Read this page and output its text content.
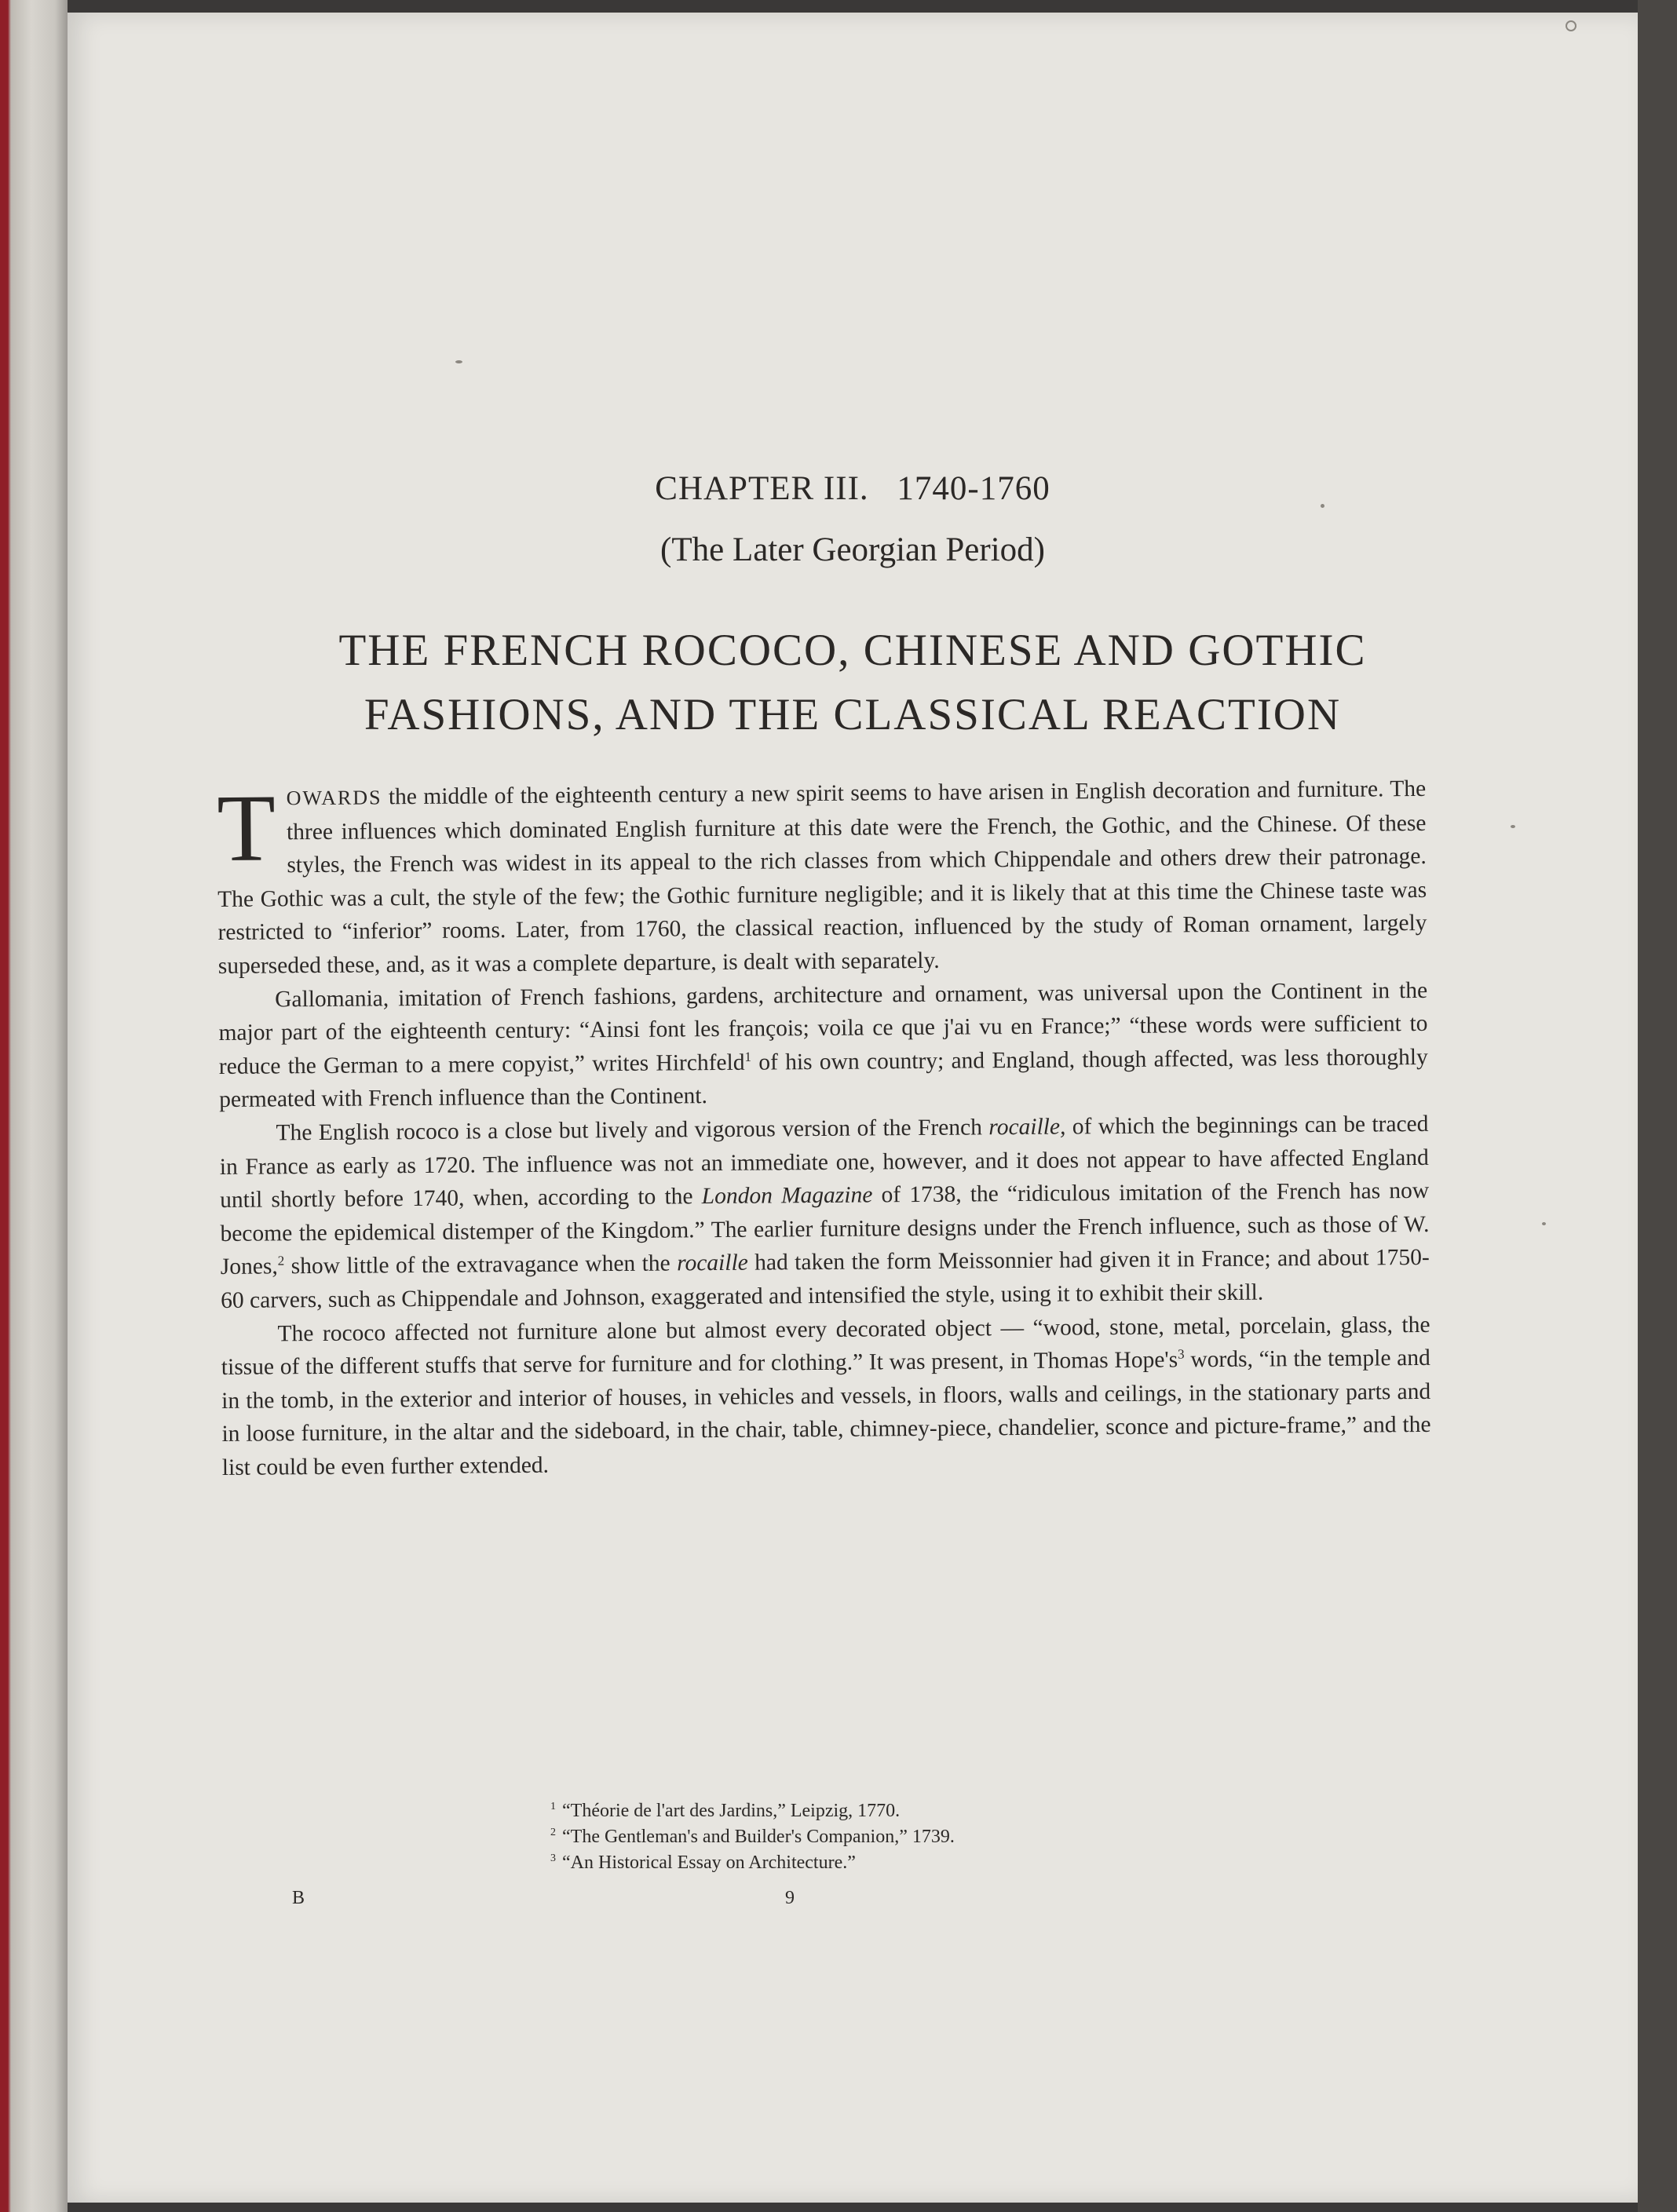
CHAPTER III. 1740-1760
(The Later Georgian Period)
THE FRENCH ROCOCO, CHINESE AND GOTHIC
FASHIONS, AND THE CLASSICAL REACTION

TOWARDS the middle of the eighteenth century a new spirit seems to have arisen in English decoration and furniture. The three influences which dominated English furniture at this date were the French, the Gothic, and the Chinese. Of these styles, the French was widest in its appeal to the rich classes from which Chippendale and others drew their patronage. The Gothic was a cult, the style of the few; the Gothic furniture negligible; and it is likely that at this time the Chinese taste was restricted to “inferior” rooms. Later, from 1760, the classical reaction, influenced by the study of Roman ornament, largely superseded these, and, as it was a complete departure, is dealt with separately.

Gallomania, imitation of French fashions, gardens, architecture and ornament, was universal upon the Continent in the major part of the eighteenth century: “Ainsi font les françois; voila ce que j'ai vu en France;” “these words were sufficient to reduce the German to a mere copyist,” writes Hirchfeld$^1$ of his own country; and England, though affected, was less thoroughly permeated with French influence than the Continent.

The English rococo is a close but lively and vigorous version of the French rocaille, of which the beginnings can be traced in France as early as 1720. The influence was not an immediate one, however, and it does not appear to have affected England until shortly before 1740, when, according to the London Magazine of 1738, the “ridiculous imitation of the French has now become the epidemical distemper of the Kingdom.” The earlier furniture designs under the French influence, such as those of W. Jones,$^2$ show little of the extravagance when the rocaille had taken the form Meissonnier had given it in France; and about 1750-60 carvers, such as Chippendale and Johnson, exaggerated and intensified the style, using it to exhibit their skill.

The rococo affected not furniture alone but almost every decorated object — “wood, stone, metal, porcelain, glass, the tissue of the different stuffs that serve for furniture and for clothing.” It was present, in Thomas $Hope's^3$ words, “in the temple and in the tomb, in the exterior and interior of houses, in vehicles and vessels, in floors, walls and ceilings, in the stationary parts and in loose furniture, in the altar and the sideboard, in the chair, table, chimney-piece, chandelier, sconce and picture-frame,” and the list could be even further extended.

$^1$ “Théorie de l'art des Jardins,” Leipzig, 1770.
$^2$ “The Gentleman's and Builder's Companion,” 1739.
$^3$ “An Historical Essay on Architecture.”
B	9
